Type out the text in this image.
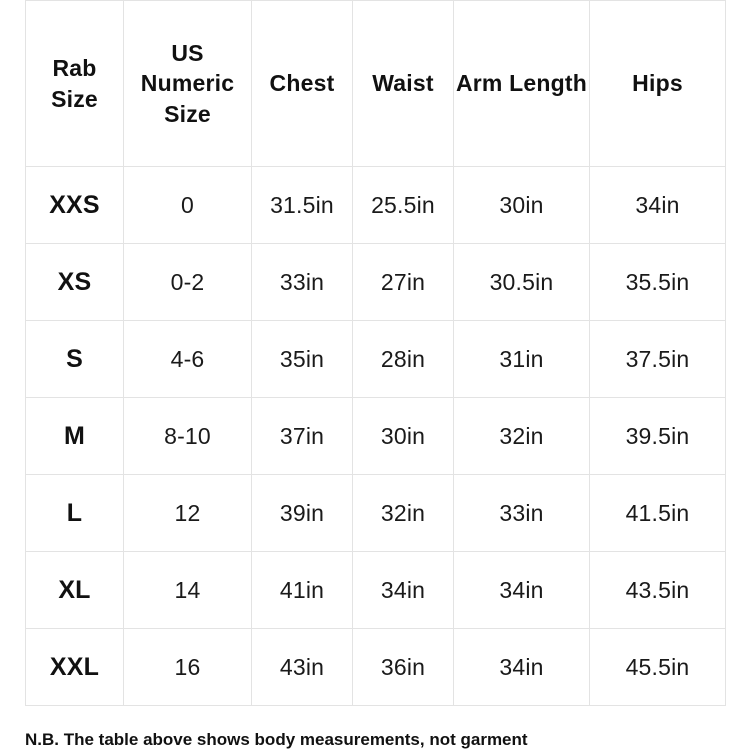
Rab Size	US Numeric Size	Chest	Waist	Arm Length	Hips
XXS	0	31.5in	25.5in	30in	34in
XS	0-2	33in	27in	30.5in	35.5in
S	4-6	35in	28in	31in	37.5in
M	8-10	37in	30in	32in	39.5in
L	12	39in	32in	33in	41.5in
XL	14	41in	34in	34in	43.5in
XXL	16	43in	36in	34in	45.5in
N.B. The table above shows body measurements, not garment
